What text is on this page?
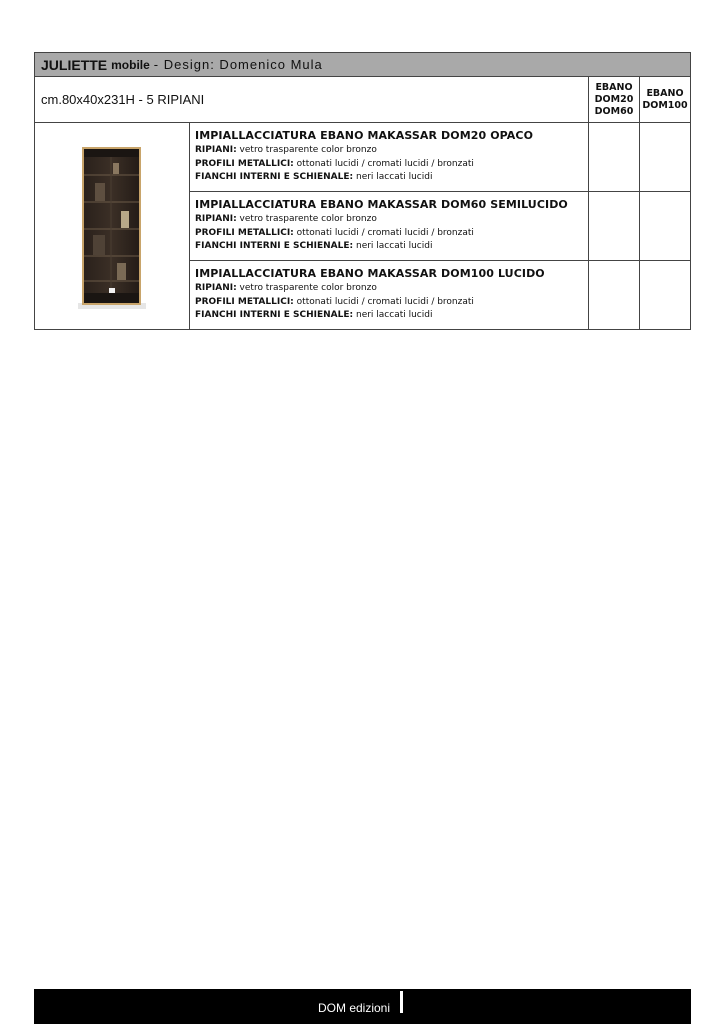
JULIETTE mobile - Design: Domenico Mula
cm.80x40x231H - 5 RIPIANI
EBANO
DOM20
DOM60
EBANO
DOM100
IMPIALLACCIATURA EBANO MAKASSAR DOM20 OPACO
RIPIANI: vetro trasparente color bronzo
PROFILI METALLICI: ottonati lucidi / cromati lucidi / bronzati
FIANCHI INTERNI E SCHIENALE: neri laccati lucidi
IMPIALLACCIATURA EBANO MAKASSAR DOM60 SEMILUCIDO
RIPIANI: vetro trasparente color bronzo
PROFILI METALLICI: ottonati lucidi / cromati lucidi / bronzati
FIANCHI INTERNI E SCHIENALE: neri laccati lucidi
IMPIALLACCIATURA EBANO MAKASSAR DOM100 LUCIDO
RIPIANI: vetro trasparente color bronzo
PROFILI METALLICI: ottonati lucidi / cromati lucidi / bronzati
FIANCHI INTERNI E SCHIENALE: neri laccati lucidi
DOM edizioni
